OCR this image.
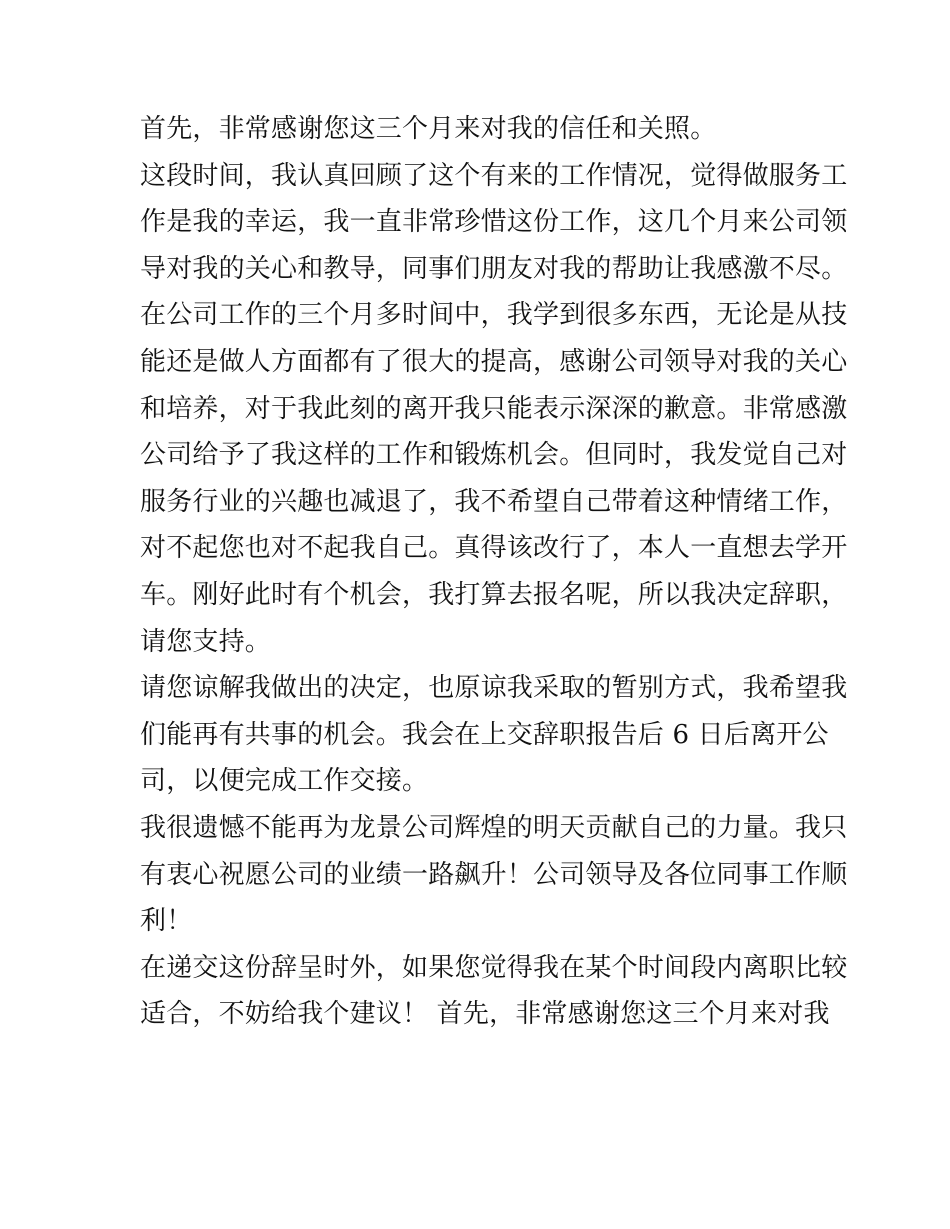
首先，非常感谢您这三个月来对我的信任和关照。

这段时间，我认真回顾了这个有来的工作情况，觉得做服务工
作是我的幸运，我一直非常珍惜这份工作，这几个月来公司领
导对我的关心和教导，同事们朋友对我的帮助让我感激不尽。

在公司工作的三个月多时间中，我学到很多东西，无论是从技
能还是做人方面都有了很大的提高，感谢公司领导对我的关心
和培养，对于我此刻的离开我只能表示深深的歉意。非常感激
公司给予了我这样的工作和锻炼机会。但同时，我发觉自己对
服务行业的兴趣也减退了，我不希望自己带着这种情绪工作，
对不起您也对不起我自己。真得该改行了，本人一直想去学开
车。刚好此时有个机会，我打算去报名呢，所以我决定辞职，
请您支持。

请您谅解我做出的决定，也原谅我采取的暂别方式，我希望我
们能再有共事的机会。我会在上交辞职报告后 6 日后离开公
司，以便完成工作交接。

我很遗憾不能再为龙景公司辉煌的明天贡献自己的力量。我只
有衷心祝愿公司的业绩一路飙升！公司领导及各位同事工作顺
利！

在递交这份辞呈时外，如果您觉得我在某个时间段内离职比较
适合，不妨给我个建议！ 首先，非常感谢您这三个月来对我
